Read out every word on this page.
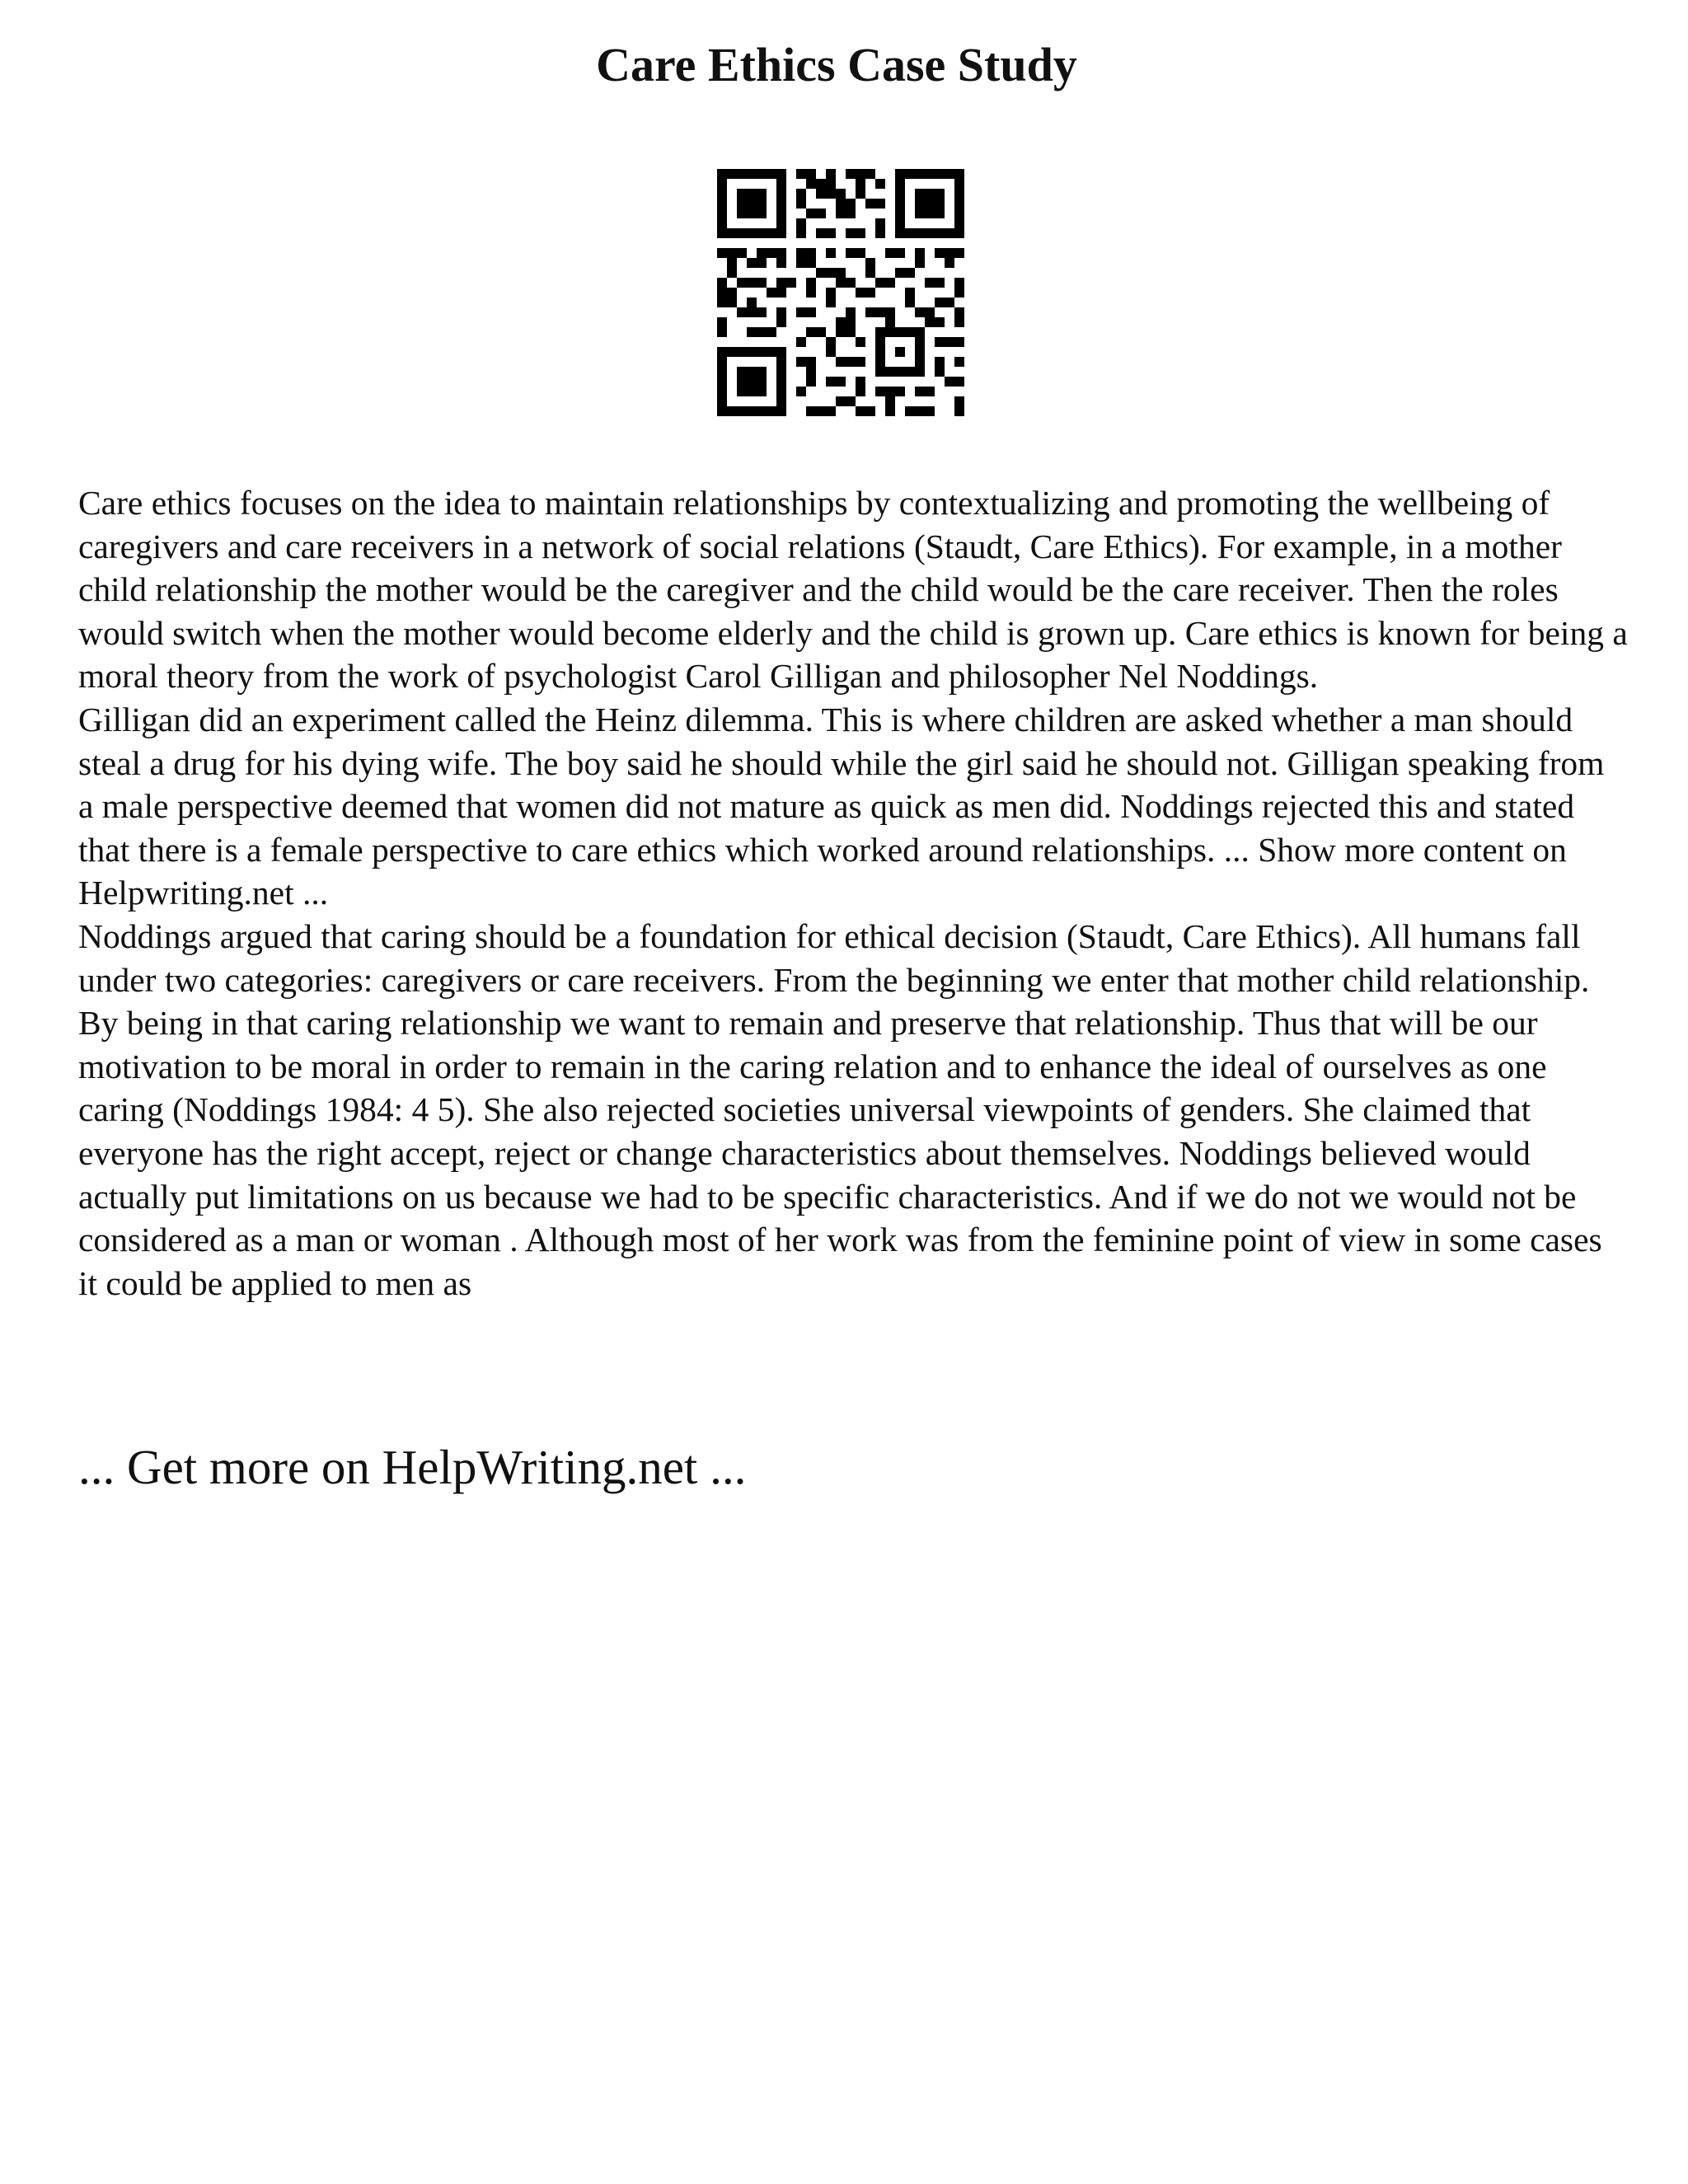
Care Ethics Case Study

Care ethics focuses on the idea to maintain relationships by contextualizing and promoting the wellbeing of caregivers and care receivers in a network of social relations (Staudt, Care Ethics). For example, in a mother child relationship the mother would be the caregiver and the child would be the care receiver. Then the roles would switch when the mother would become elderly and the child is grown up. Care ethics is known for being a moral theory from the work of psychologist Carol Gilligan and philosopher Nel Noddings.

Gilligan did an experiment called the Heinz dilemma. This is where children are asked whether a man should steal a drug for his dying wife. The boy said he should while the girl said he should not. Gilligan speaking from a male perspective deemed that women did not mature as quick as men did. Noddings rejected this and stated that there is a female perspective to care ethics which worked around relationships. ... Show more content on Helpwriting.net ...

Noddings argued that caring should be a foundation for ethical decision (Staudt, Care Ethics). All humans fall under two categories: caregivers or care receivers. From the beginning we enter that mother child relationship. By being in that caring relationship we want to remain and preserve that relationship. Thus that will be our motivation to be moral in order to remain in the caring relation and to enhance the ideal of ourselves as one caring (Noddings 1984: 4 5). She also rejected societies universal viewpoints of genders. She claimed that everyone has the right accept, reject or change characteristics about themselves. Noddings believed would actually put limitations on us because we had to be specific characteristics. And if we do not we would not be considered as a man or woman . Although most of her work was from the feminine point of view in some cases it could be applied to men as

... Get more on HelpWriting.net ...
